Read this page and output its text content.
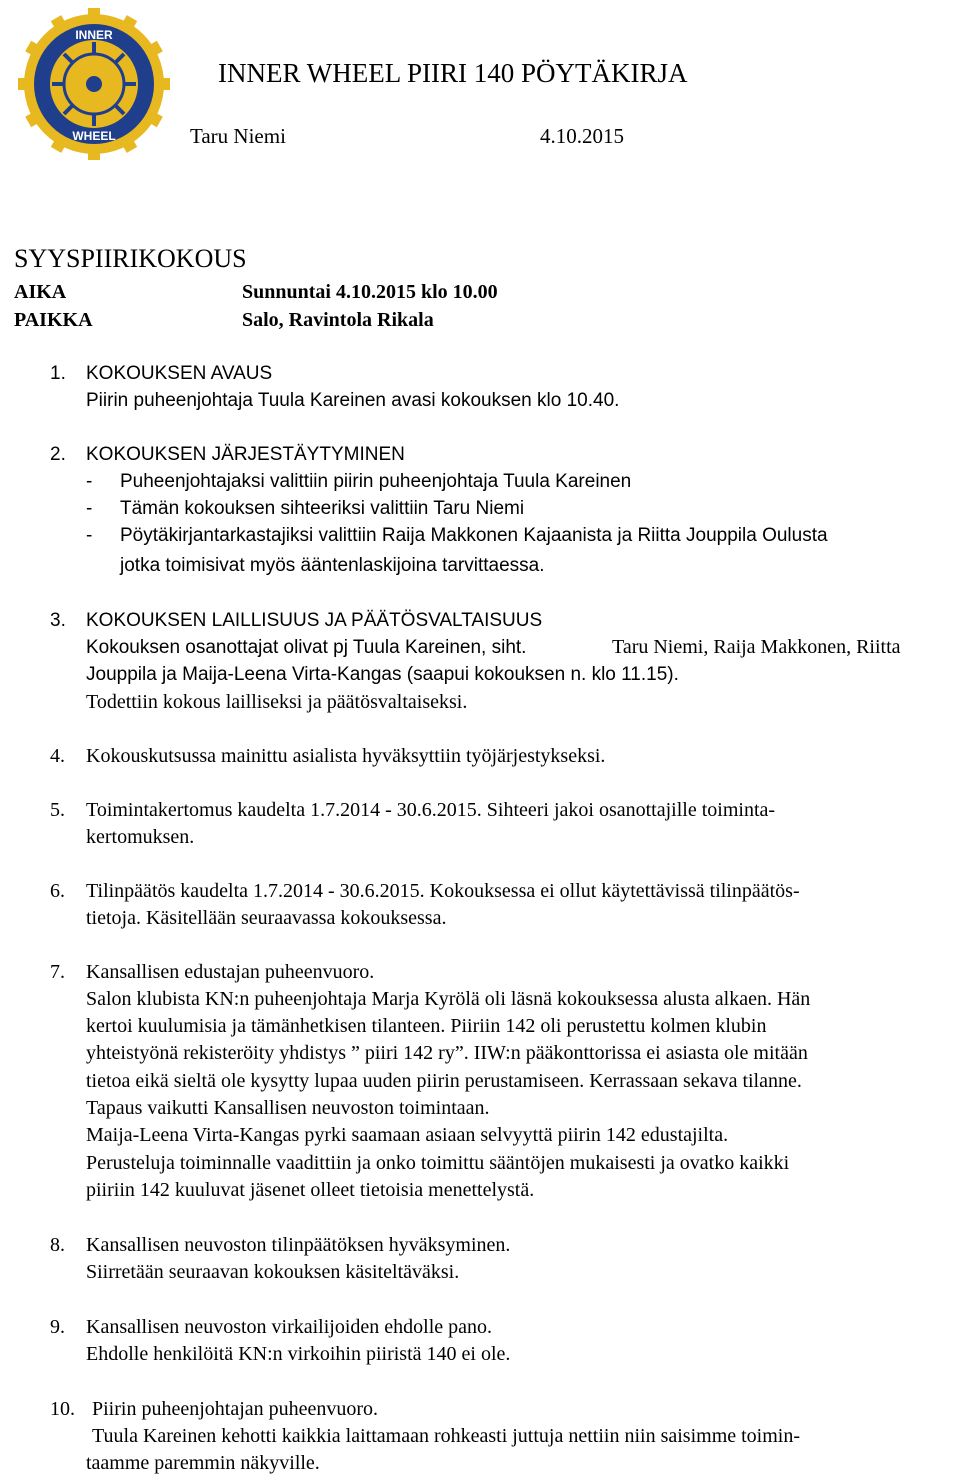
INNER
WHEEL
INNER WHEEL PIIRI 140 PÖYTÄKIRJA
Taru Niemi	4.10.2015
SYYSPIIRIKOKOUS
AIKA	Sunnuntai 4.10.2015 klo 10.00
PAIKKA	Salo, Ravintola Rikala
1. KOKOUKSEN AVAUS
Piirin puheenjohtaja Tuula Kareinen avasi kokouksen klo 10.40.
2. KOKOUKSEN JÄRJESTÄYTYMINEN
- Puheenjohtajaksi valittiin piirin puheenjohtaja Tuula Kareinen
- Tämän kokouksen sihteeriksi valittiin Taru Niemi
- Pöytäkirjantarkastajiksi valittiin Raija Makkonen Kajaanista ja Riitta Jouppila Oulusta
jotka toimisivat myös ääntenlaskijoina tarvittaessa.
3. KOKOUKSEN LAILLISUUS JA PÄÄTÖSVALTAISUUS
Kokouksen osanottajat olivat pj Tuula Kareinen, siht.	Taru Niemi, Raija Makkonen, Riitta
Jouppila ja Maija-Leena Virta-Kangas (saapui kokouksen n. klo 11.15).
Todettiin kokous lailliseksi ja päätösvaltaiseksi.
4. Kokouskutsussa mainittu asialista hyväksyttiin työjärjestykseksi.
5. Toimintakertomus kaudelta 1.7.2014 - 30.6.2015. Sihteeri jakoi osanottajille toiminta-
kertomuksen.
6. Tilinpäätös kaudelta 1.7.2014 - 30.6.2015. Kokouksessa ei ollut käytettävissä tilinpäätös-
tietoja. Käsitellään seuraavassa kokouksessa.
7. Kansallisen edustajan puheenvuoro.
Salon klubista KN:n puheenjohtaja Marja Kyrölä oli läsnä kokouksessa alusta alkaen. Hän
kertoi kuulumisia ja tämänhetkisen tilanteen. Piiriin 142 oli perustettu kolmen klubin
yhteistyönä rekisteröity yhdistys ” piiri 142 ry”. IIW:n pääkonttorissa ei asiasta ole mitään
tietoa eikä sieltä ole kysytty lupaa uuden piirin perustamiseen. Kerrassaan sekava tilanne.
Tapaus vaikutti Kansallisen neuvoston toimintaan.
Maija-Leena Virta-Kangas pyrki saamaan asiaan selvyyttä piirin 142 edustajilta.
Perusteluja toiminnalle vaadittiin ja onko toimittu sääntöjen mukaisesti ja ovatko kaikki
piiriin 142 kuuluvat jäsenet olleet tietoisia menettelystä.
8. Kansallisen neuvoston tilinpäätöksen hyväksyminen.
Siirretään seuraavan kokouksen käsiteltäväksi.
9. Kansallisen neuvoston virkailijoiden ehdolle pano.
Ehdolle henkilöitä KN:n virkoihin piiristä 140 ei ole.
10. Piirin puheenjohtajan puheenvuoro.
Tuula Kareinen kehotti kaikkia laittamaan rohkeasti juttuja nettiin niin saisimme toimin-
taamme paremmin näkyville.
